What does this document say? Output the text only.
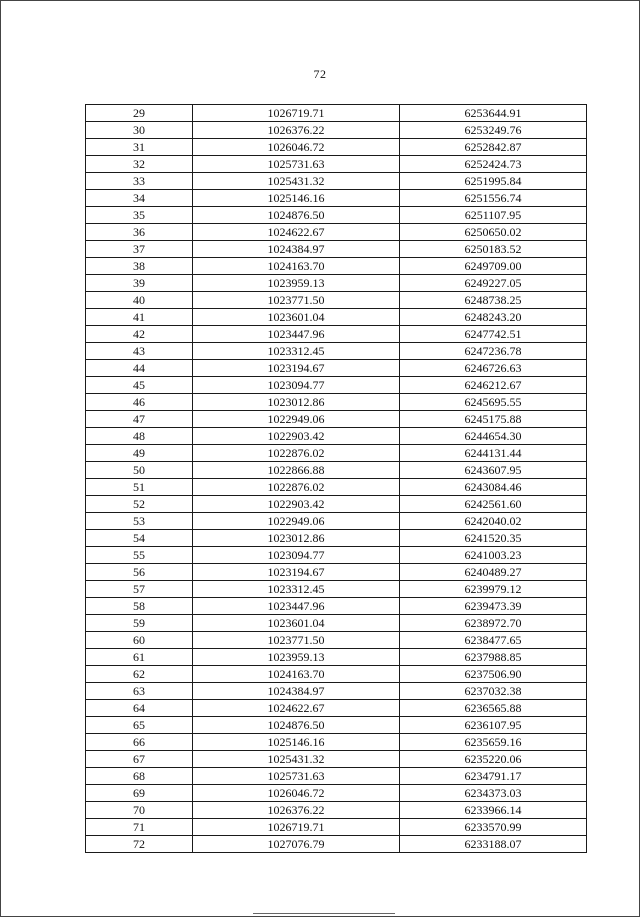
72
29	1026719.71	6253644.91
30	1026376.22	6253249.76
31	1026046.72	6252842.87
32	1025731.63	6252424.73
33	1025431.32	6251995.84
34	1025146.16	6251556.74
35	1024876.50	6251107.95
36	1024622.67	6250650.02
37	1024384.97	6250183.52
38	1024163.70	6249709.00
39	1023959.13	6249227.05
40	1023771.50	6248738.25
41	1023601.04	6248243.20
42	1023447.96	6247742.51
43	1023312.45	6247236.78
44	1023194.67	6246726.63
45	1023094.77	6246212.67
46	1023012.86	6245695.55
47	1022949.06	6245175.88
48	1022903.42	6244654.30
49	1022876.02	6244131.44
50	1022866.88	6243607.95
51	1022876.02	6243084.46
52	1022903.42	6242561.60
53	1022949.06	6242040.02
54	1023012.86	6241520.35
55	1023094.77	6241003.23
56	1023194.67	6240489.27
57	1023312.45	6239979.12
58	1023447.96	6239473.39
59	1023601.04	6238972.70
60	1023771.50	6238477.65
61	1023959.13	6237988.85
62	1024163.70	6237506.90
63	1024384.97	6237032.38
64	1024622.67	6236565.88
65	1024876.50	6236107.95
66	1025146.16	6235659.16
67	1025431.32	6235220.06
68	1025731.63	6234791.17
69	1026046.72	6234373.03
70	1026376.22	6233966.14
71	1026719.71	6233570.99
72	1027076.79	6233188.07
